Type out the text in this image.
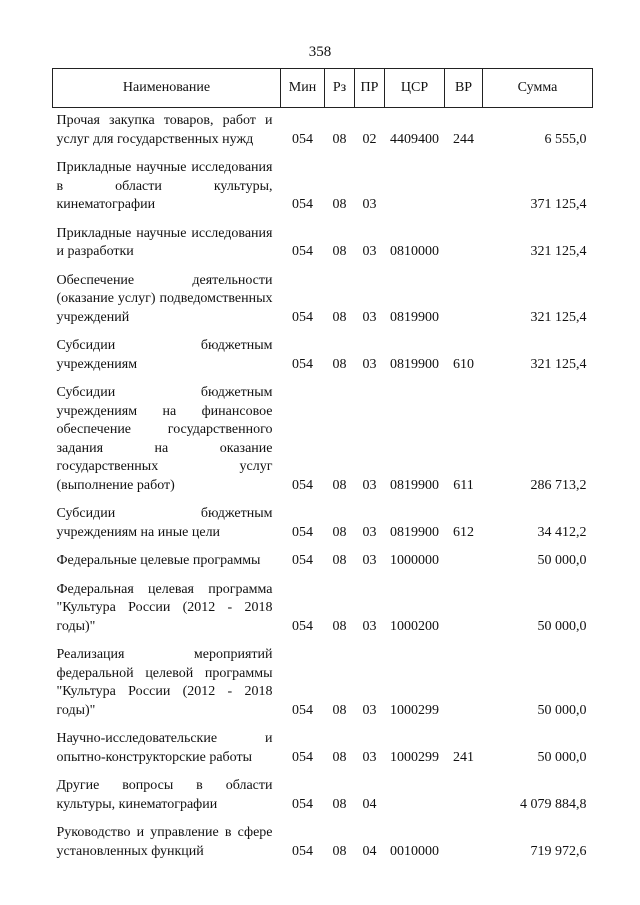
358
Наименование	Мин	Рз	ПР	ЦСР	ВР	Сумма
Прочая закупка товаров, работ и услуг для государственных нужд	054	08	02	4409400	244	6 555,0
Прикладные научные исследования в области культуры, кинематографии	054	08	03			371 125,4
Прикладные научные исследования и разработки	054	08	03	0810000		321 125,4
Обеспечение деятельности (оказание услуг) подведомственных учреждений	054	08	03	0819900		321 125,4
Субсидии бюджетным учреждениям	054	08	03	0819900	610	321 125,4
Субсидии бюджетным учреждениям на финансовое обеспечение государственного задания на оказание государственных услуг (выполнение работ)	054	08	03	0819900	611	286 713,2
Субсидии бюджетным учреждениям на иные цели	054	08	03	0819900	612	34 412,2
Федеральные целевые программы	054	08	03	1000000		50 000,0
Федеральная целевая программа "Культура России (2012 - 2018 годы)"	054	08	03	1000200		50 000,0
Реализация мероприятий федеральной целевой программы "Культура России (2012 - 2018 годы)"	054	08	03	1000299		50 000,0
Научно-исследовательские и опытно-конструкторские работы	054	08	03	1000299	241	50 000,0
Другие вопросы в области культуры, кинематографии	054	08	04			4 079 884,8
Руководство и управление в сфере установленных функций	054	08	04	0010000		719 972,6
